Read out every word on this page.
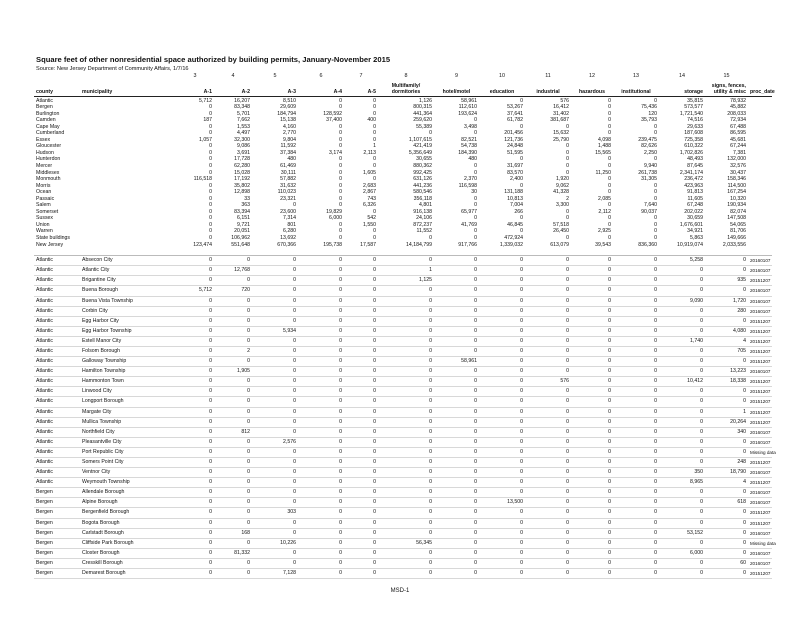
Square feet of other nonresidential space authorized by building permits, January-November 2015
Source: New Jersey Department of Community Affairs, 1/7/16
		3	4	5	6	7	8	9	10	11	12	13	14	15	
county	municipality	A-1	A-2	A-3	A-4	A-5	Multifamily/
dormitories	hotel/motel	education	industrial	hazardous	institutional	storage	signs, fences,
utility & misc	proc_date
Atlantic		5,712	16,207	8,510	0	0	1,126	58,961	0	576	0	0	35,815	78,932	
Bergen		0	83,348	29,609	0	0	800,315	112,610	53,267	16,412	0	75,436	573,577	45,882	
Burlington		0	5,701	184,794	128,592	0	441,364	193,624	37,641	31,402	0	120	1,721,540	208,033	
Camden		187	7,662	15,138	37,400	400	259,620	0	61,782	381,687	0	35,793	74,516	72,934	
Cape May		0	1,553	4,160	0	0	55,389	3,498	0	0	0	0	29,633	67,488	
Cumberland		0	4,497	2,770	0	0	0	0	201,456	15,632	0	0	187,608	86,595	
Essex		1,057	32,300	9,804	0	0	1,107,615	82,521	121,736	25,790	4,098	239,475	725,358	45,681	
Gloucester		0	9,086	11,592	0	1	421,419	54,738	24,848	0	1,488	82,626	610,322	67,244	
Hudson		0	3,691	37,384	3,174	2,113	5,356,649	184,390	51,595	0	15,565	2,250	1,702,826	7,381	
Hunterdon		0	17,728	480	0	0	30,655	480	0	0	0	0	48,493	132,000	
Mercer		0	62,280	61,469	0	0	880,362	0	31,697	0	0	9,940	87,645	32,576	
Middlesex		0	15,028	30,111	0	1,605	992,425	0	83,570	0	11,250	261,738	2,341,174	30,437	
Monmouth		116,518	17,192	57,882	0	0	631,126	2,370	2,400	1,920	0	31,305	236,472	158,346	
Morris		0	35,802	31,632	0	2,683	441,236	116,598	0	9,062	0	0	423,963	114,500	
Ocean		0	12,898	110,023	0	2,867	580,546	30	131,188	41,328	0	0	91,813	167,254	
Passaic		0	33	23,321	0	743	356,118	0	10,813	2	2,085	0	11,605	10,320	
Salem		0	363	0	0	6,326	4,801	0	7,004	3,300	0	7,640	67,248	190,934	
Somerset		0	83,394	23,600	19,829	0	916,138	65,977	266	0	2,112	90,037	202,022	82,074	
Sussex		0	6,151	7,314	6,000	542	24,106	0	0	0	0	0	30,659	147,508	
Union		0	9,721	801	0	1,550	872,237	41,769	46,845	57,518	0	0	1,676,601	54,065	
Warren		0	20,051	6,280	0	0	11,552	0	0	26,450	2,925	0	34,921	81,706	
State buildings		0	106,962	13,692	0	0	0	0	472,924	0	0	0	5,863	149,666	
New Jersey		123,474	551,648	670,366	195,738	17,587	14,184,799	917,766	1,339,032	613,079	39,543	836,360	10,919,074	2,033,556	

Atlantic	Absecon City	0	0	0	0	0	0	0	0	0	0	0	5,258	0	20160107
Atlantic	Atlantic City	0	12,768	0	0	0	1	0	0	0	0	0	0	0	20160107
Atlantic	Brigantine City	0	0	0	0	0	1,125	0	0	0	0	0	0	935	20151207
Atlantic	Buena Borough	5,712	720	0	0	0	0	0	0	0	0	0	0	0	20160107
Atlantic	Buena Vista Township	0	0	0	0	0	0	0	0	0	0	0	9,090	1,720	20160107
Atlantic	Corbin City	0	0	0	0	0	0	0	0	0	0	0	0	280	20160107
Atlantic	Egg Harbor City	0	0	0	0	0	0	0	0	0	0	0	0	0	20151207
Atlantic	Egg Harbor Township	0	0	5,934	0	0	0	0	0	0	0	0	0	4,080	20151207
Atlantic	Estell Manor City	0	0	0	0	0	0	0	0	0	0	0	1,740	4	20151207
Atlantic	Folsom Borough	0	2	0	0	0	0	0	0	0	0	0	0	705	20151207
Atlantic	Galloway Township	0	0	0	0	0	0	58,961	0	0	0	0	0	0	20151207
Atlantic	Hamilton Township	0	1,905	0	0	0	0	0	0	0	0	0	0	13,223	20160107
Atlantic	Hammonton Town	0	0	0	0	0	0	0	0	576	0	0	10,412	18,338	20151207
Atlantic	Linwood City	0	0	0	0	0	0	0	0	0	0	0	0	0	20151207
Atlantic	Longport Borough	0	0	0	0	0	0	0	0	0	0	0	0	0	20151207
Atlantic	Margate City	0	0	0	0	0	0	0	0	0	0	0	0	1	20151207
Atlantic	Mullica Township	0	0	0	0	0	0	0	0	0	0	0	0	20,264	20151207
Atlantic	Northfield City	0	812	0	0	0	0	0	0	0	0	0	0	340	20160107
Atlantic	Pleasantville City	0	0	2,576	0	0	0	0	0	0	0	0	0	0	20160107
Atlantic	Port Republic City	0	0	0	0	0	0	0	0	0	0	0	0	0	Missing data
Atlantic	Somers Point City	0	0	0	0	0	0	0	0	0	0	0	0	248	20151207
Atlantic	Ventnor City	0	0	0	0	0	0	0	0	0	0	0	350	18,790	20160107
Atlantic	Weymouth Township	0	0	0	0	0	0	0	0	0	0	0	8,965	4	20151207
Bergen	Allendale Borough	0	0	0	0	0	0	0	0	0	0	0	0	0	20160107
Bergen	Alpine Borough	0	0	0	0	0	0	0	13,500	0	0	0	0	618	20160107
Bergen	Bergenfield Borough	0	0	303	0	0	0	0	0	0	0	0	0	0	20151207
Bergen	Bogota Borough	0	0	0	0	0	0	0	0	0	0	0	0	0	20151207
Bergen	Carlstadt Borough	0	168	0	0	0	0	0	0	0	0	0	53,152	0	20160107
Bergen	Cliffside Park Borough	0	0	10,226	0	0	56,345	0	0	0	0	0	0	0	Missing data
Bergen	Closter Borough	0	81,332	0	0	0	0	0	0	0	0	0	6,000	0	20160107
Bergen	Cresskill Borough	0	0	0	0	0	0	0	0	0	0	0	0	60	20160107
Bergen	Demarest Borough	0	0	7,128	0	0	0	0	0	0	0	0	0	0	20151207
MSD-1
